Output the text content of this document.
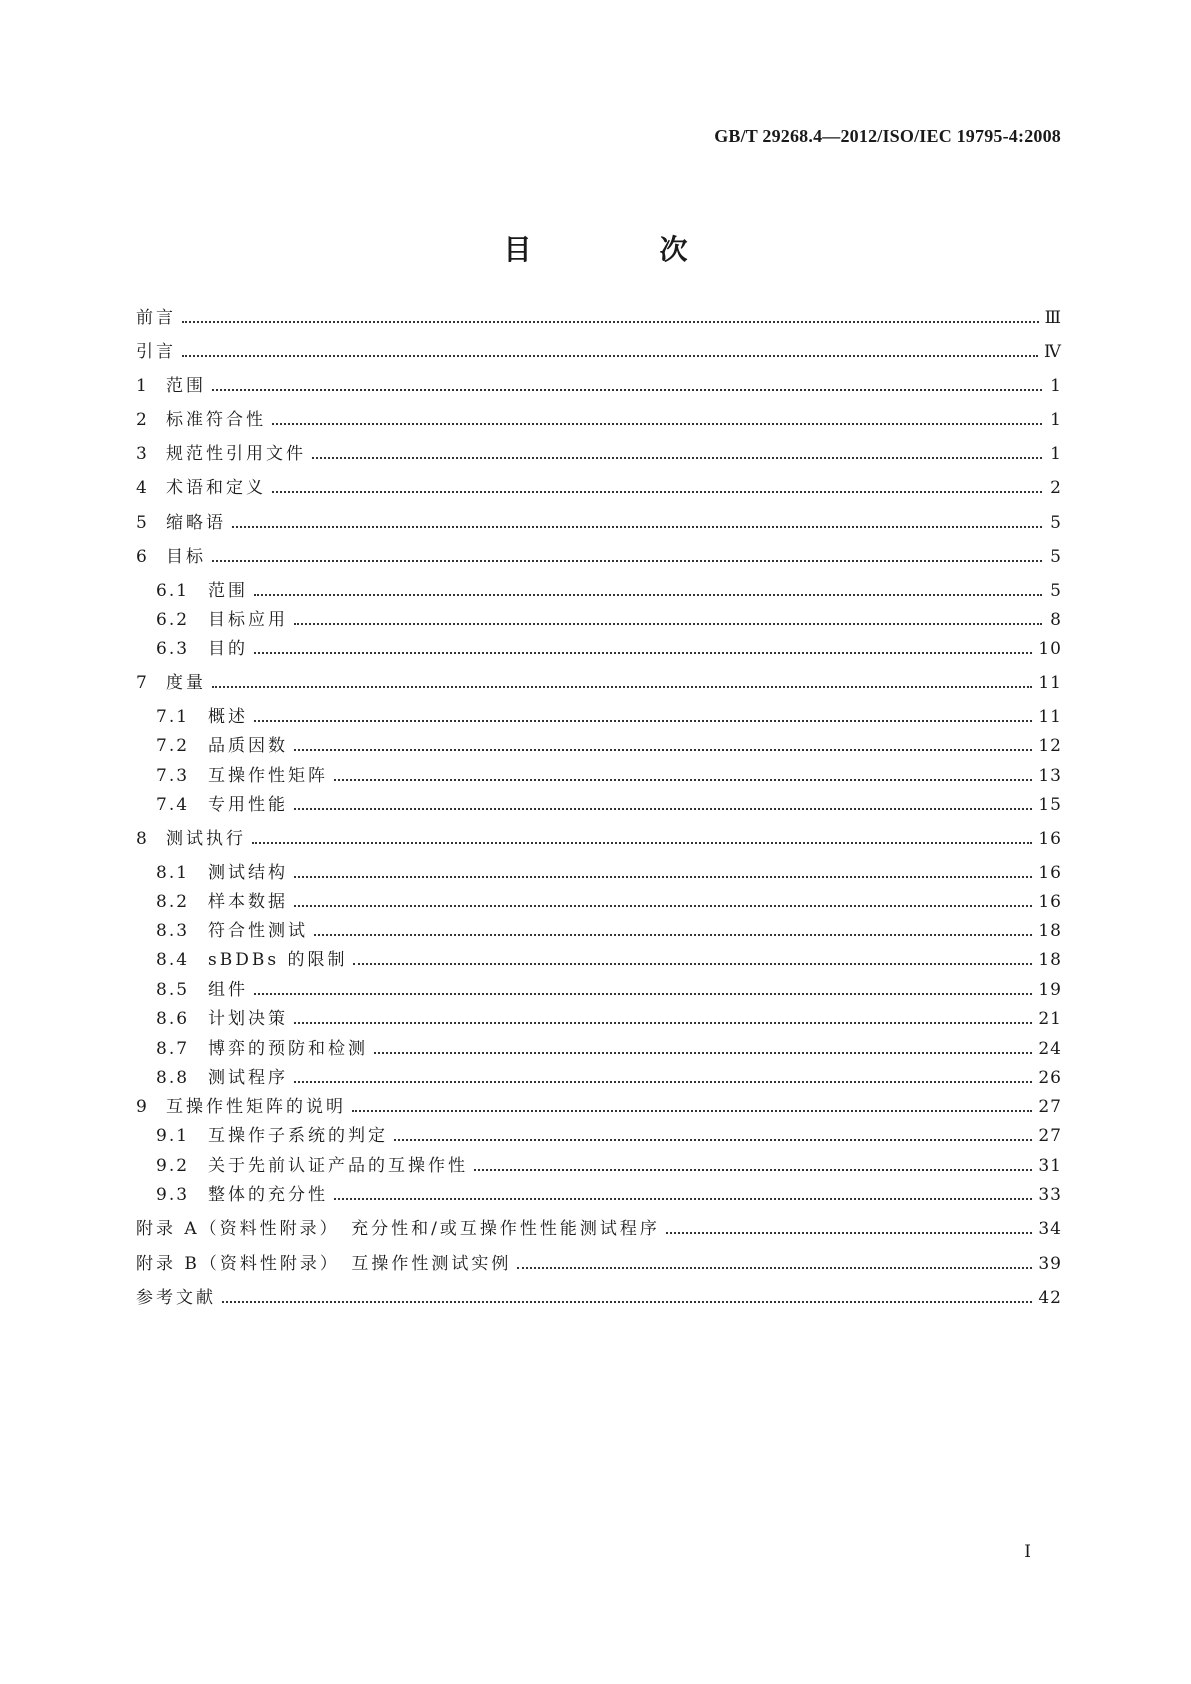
GB/T 29268.4—2012/ISO/IEC 19795-4:2008
目　次
前言	Ⅲ
引言	Ⅳ
1	范围	1
2	标准符合性	1
3	规范性引用文件	1
4	术语和定义	2
5	缩略语	5
6	目标	5
6.1	范围	5
6.2	目标应用	8
6.3	目的	10
7	度量	11
7.1	概述	11
7.2	品质因数	12
7.3	互操作性矩阵	13
7.4	专用性能	15
8	测试执行	16
8.1	测试结构	16
8.2	样本数据	16
8.3	符合性测试	18
8.4	sBDBs 的限制	18
8.5	组件	19
8.6	计划决策	21
8.7	博弈的预防和检测	24
8.8	测试程序	26
9	互操作性矩阵的说明	27
9.1	互操作子系统的判定	27
9.2	关于先前认证产品的互操作性	31
9.3	整体的充分性	33
附录 A（资料性附录）　充分性和/或互操作性性能测试程序	34
附录 B（资料性附录）　互操作性测试实例	39
参考文献	42
I
